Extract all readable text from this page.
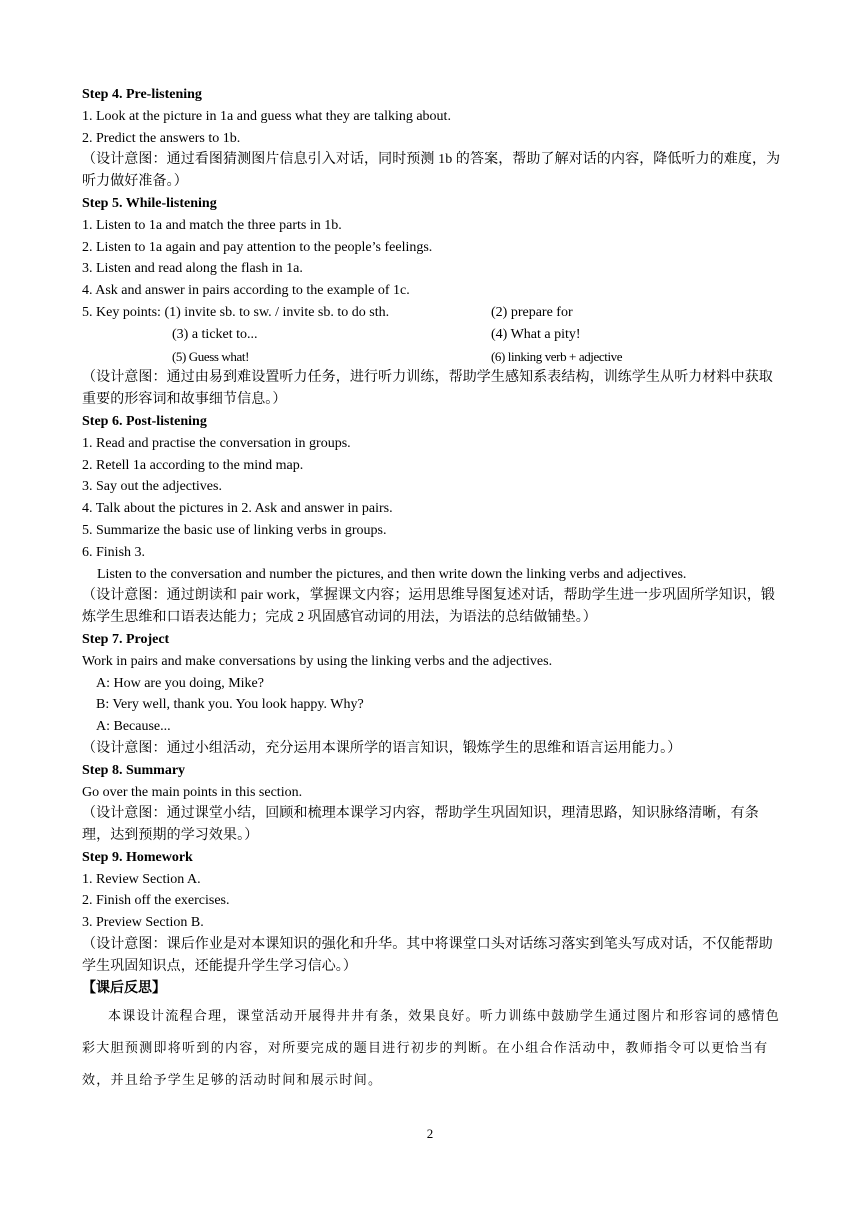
Step 4. Pre-listening
1. Look at the picture in 1a and guess what they are talking about.
2. Predict the answers to 1b.
（设计意图：通过看图猜测图片信息引入对话，同时预测 1b 的答案，帮助了解对话的内容，降低听力的难度，为听力做好准备。）
Step 5. While-listening
1. Listen to 1a and match the three parts in 1b.
2. Listen to 1a again and pay attention to the people’s feelings.
3. Listen and read along the flash in 1a.
4. Ask and answer in pairs according to the example of 1c.
5. Key points: (1) invite sb. to sw. / invite sb. to do sth.	(2) prepare for
(3) a ticket to...	(4) What a pity!
(5) Guess what!	(6) linking verb + adjective
（设计意图：通过由易到难设置听力任务，进行听力训练，帮助学生感知系表结构，训练学生从听力材料中获取重要的形容词和故事细节信息。）
Step 6. Post-listening
1. Read and practise the conversation in groups.
2. Retell 1a according to the mind map.
3. Say out the adjectives.
4. Talk about the pictures in 2. Ask and answer in pairs.
5. Summarize the basic use of linking verbs in groups.
6. Finish 3.
Listen to the conversation and number the pictures, and then write down the linking verbs and adjectives.
（设计意图：通过朗读和 pair work，掌握课文内容；运用思维导图复述对话，帮助学生进一步巩固所学知识，锻炼学生思维和口语表达能力；完成 2 巩固感官动词的用法，为语法的总结做铺垫。）
Step 7. Project
Work in pairs and make conversations by using the linking verbs and the adjectives.
A: How are you doing, Mike?
B: Very well, thank you. You look happy. Why?
A: Because...
（设计意图：通过小组活动，充分运用本课所学的语言知识，锻炼学生的思维和语言运用能力。）
Step 8. Summary
Go over the main points in this section.
（设计意图：通过课堂小结，回顾和梳理本课学习内容，帮助学生巩固知识，理清思路，知识脉络清晰，有条理，达到预期的学习效果。）
Step 9. Homework
1. Review Section A.
2. Finish off the exercises.
3. Preview Section B.
（设计意图：课后作业是对本课知识的强化和升华。其中将课堂口头对话练习落实到笔头写成对话，不仅能帮助学生巩固知识点，还能提升学生学习信心。）
【课后反思】
本课设计流程合理，课堂活动开展得井井有条，效果良好。听力训练中鼓励学生通过图片和形容词的感情色彩大胆预测即将听到的内容，对所要完成的题目进行初步的判断。在小组合作活动中，教师指令可以更恰当有效，并且给予学生足够的活动时间和展示时间。
2
